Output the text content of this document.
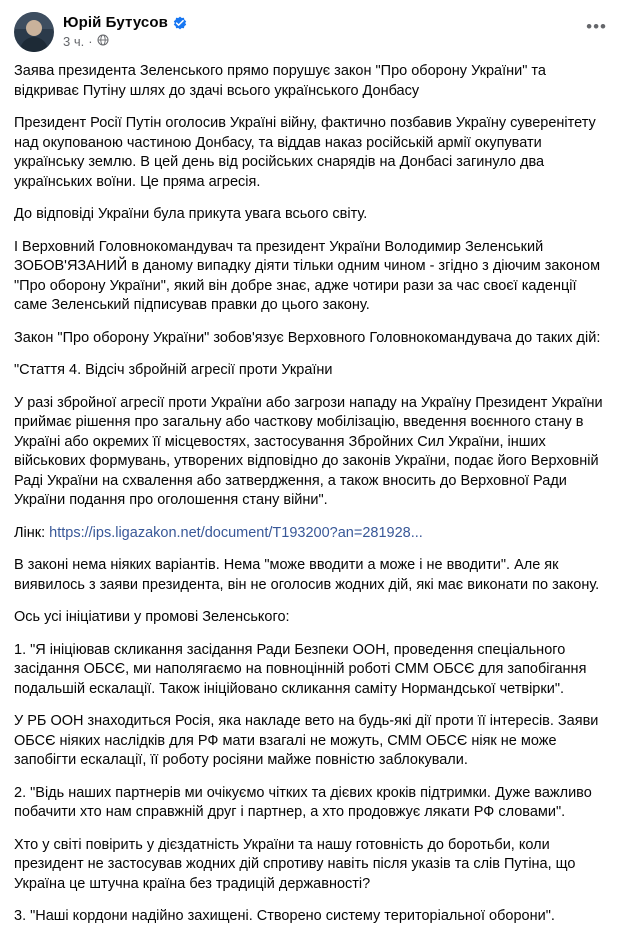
Юрій Бутусов
3 ч. ·
•••

Заява президента Зеленського прямо порушує закон "Про оборону України" та відкриває Путіну шлях до здачі всього українського Донбасу

Президент Росії Путін оголосив Україні війну, фактично позбавив Україну суверенітету над окупованою частиною Донбасу, та віддав наказ російській армії окупувати українську землю. В цей день від російських снарядів на Донбасі загинуло два українських воїни. Це пряма агресія.

До відповіді України була прикута увага всього світу.

І Верховний Головнокомандувач та президент України Володимир Зеленський ЗОБОВ'ЯЗАНИЙ в даному випадку діяти тільки одним чином - згідно з діючим законом "Про оборону України", який він добре знає, адже чотири рази за час своєї каденції саме Зеленський підписував правки до цього закону.

Закон "Про оборону України" зобов'язує Верховного Головнокомандувача до таких дій:

"Стаття 4. Відсіч збройній агресії проти України

У разі збройної агресії проти України або загрози нападу на Україну Президент України приймає рішення про загальну або часткову мобілізацію, введення воєнного стану в Україні або окремих її місцевостях, застосування Збройних Сил України, інших військових формувань, утворених відповідно до законів України, подає його Верховній Раді України на схвалення або затвердження, а також вносить до Верховної Ради України подання про оголошення стану війни".

Лінк: https://ips.ligazakon.net/document/T193200?an=281928...

В законі нема ніяких варіантів. Нема "може вводити а може і не вводити". Але як виявилось з заяви президента, він не оголосив жодних дій, які має виконати по закону.

Ось усі ініціативи у промові Зеленського:

1. "Я ініціював скликання засідання Ради Безпеки ООН, проведення спеціального засідання ОБСЄ, ми наполягаємо на повноцінній роботі СММ ОБСЄ для запобігання подальшій ескалації. Також ініційовано скликання саміту Нормандської четвірки".

У РБ ООН знаходиться Росія, яка накладе вето на будь-які дії проти її інтересів. Заяви ОБСЄ ніяких наслідків для РФ мати взагалі не можуть, СММ ОБСЄ ніяк не може запобігти ескалації, її роботу росіяни майже повністю заблокували.

2. "Відь наших партнерів ми очікуємо чітких та дієвих кроків підтримки. Дуже важливо побачити хто нам справжній друг і партнер, а хто продовжує лякати РФ словами".

Хто у світі повірить у дієздатність України та нашу готовність до боротьби, коли президент не застосував жодних дій спротиву навіть після указів та слів Путіна, що Україна це штучна країна без традицій державності?

3. "Наші кордони надійно захищені. Створено систему територіальної оборони".
